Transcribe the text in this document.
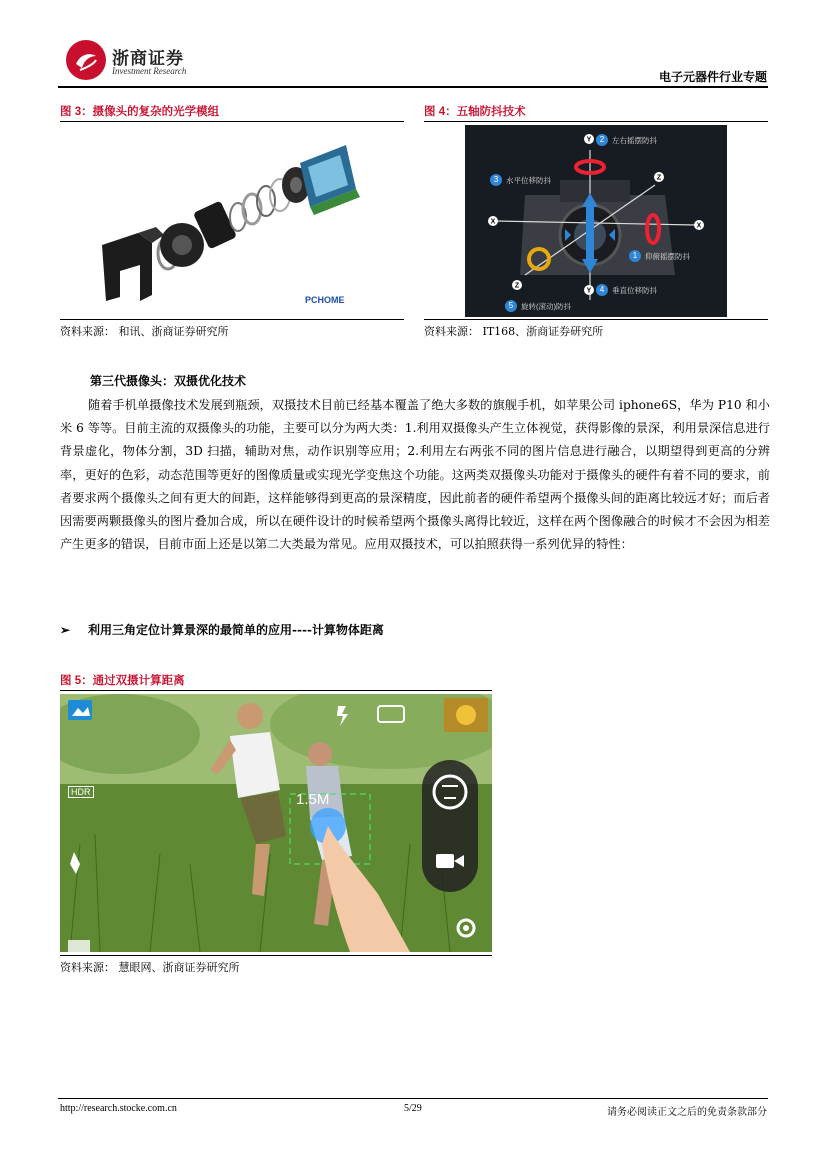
浙商证券
Investment Research	电子元器件行业专题
图 3：摄像头的复杂的光学模组
PCHOME
资料来源： 和讯、浙商证券研究所
图 4：五轴防抖技术
Y
X
Y
X
Z
Z
2	左右摇摆防抖
3	水平位移防抖
1	仰俯摇摆防抖
4	垂直位移防抖
5	旋转(滚动)防抖
资料来源： IT168、浙商证券研究所
第三代摄像头：双摄优化技术
随着手机单摄像技术发展到瓶颈，双摄技术目前已经基本覆盖了绝大多数的旗舰手机，如苹果公司 iphone6S，华为 P10 和小米 6 等等。目前主流的双摄像头的功能，主要可以分为两大类：1.利用双摄像头产生立体视觉，获得影像的景深，利用景深信息进行背景虚化，物体分割，3D 扫描，辅助对焦，动作识别等应用；2.利用左右两张不同的图片信息进行融合，以期望得到更高的分辨率，更好的色彩，动态范围等更好的图像质量或实现光学变焦这个功能。这两类双摄像头功能对于摄像头的硬件有着不同的要求，前者要求两个摄像头之间有更大的间距，这样能够得到更高的景深精度，因此前者的硬件希望两个摄像头间的距离比较远才好；而后者因需要两颗摄像头的图片叠加合成，所以在硬件设计的时候希望两个摄像头离得比较近，这样在两个图像融合的时候才不会因为相差产生更多的错误，目前市面上还是以第二大类最为常见。应用双摄技术，可以拍照获得一系列优异的特性：
➢ 利用三角定位计算景深的最简单的应用----计算物体距离
图 5：通过双摄计算距离
HDR	1.5M
资料来源： 慧眼网、浙商证券研究所
http://research.stocke.com.cn	5/29	请务必阅读正文之后的免责条款部分
